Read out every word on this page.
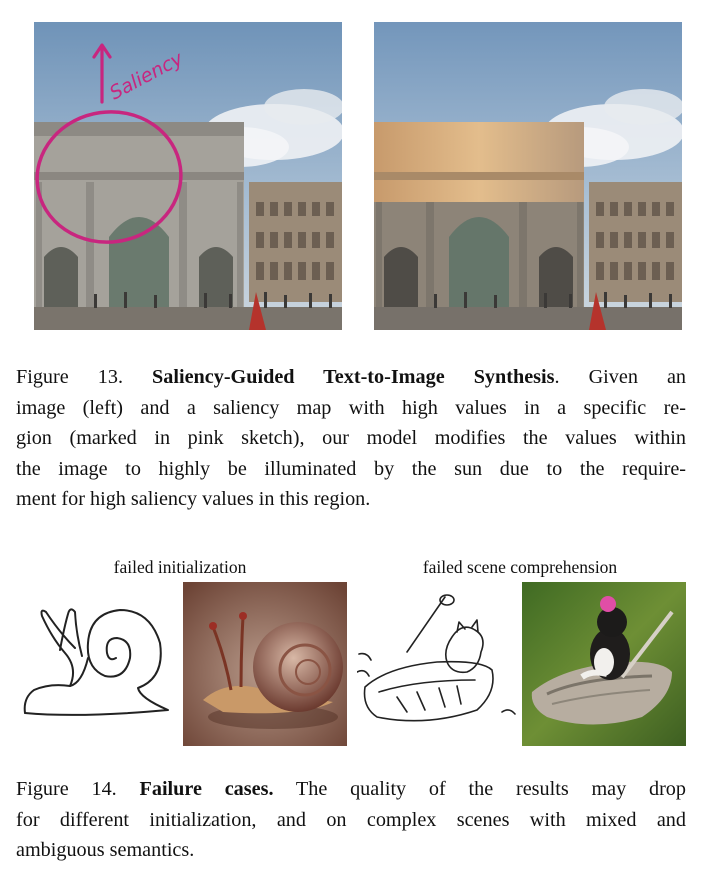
Saliency
Figure 13. Saliency-Guided Text-to-Image Synthesis. Given an
image (left) and a saliency map with high values in a specific re-
gion (marked in pink sketch), our model modifies the values within
the image to highly be illuminated by the sun due to the require-
ment for high saliency values in this region.
failed initialization	failed scene comprehension
Figure 14. Failure cases. The quality of the results may drop
for different initialization, and on complex scenes with mixed and
ambiguous semantics.
